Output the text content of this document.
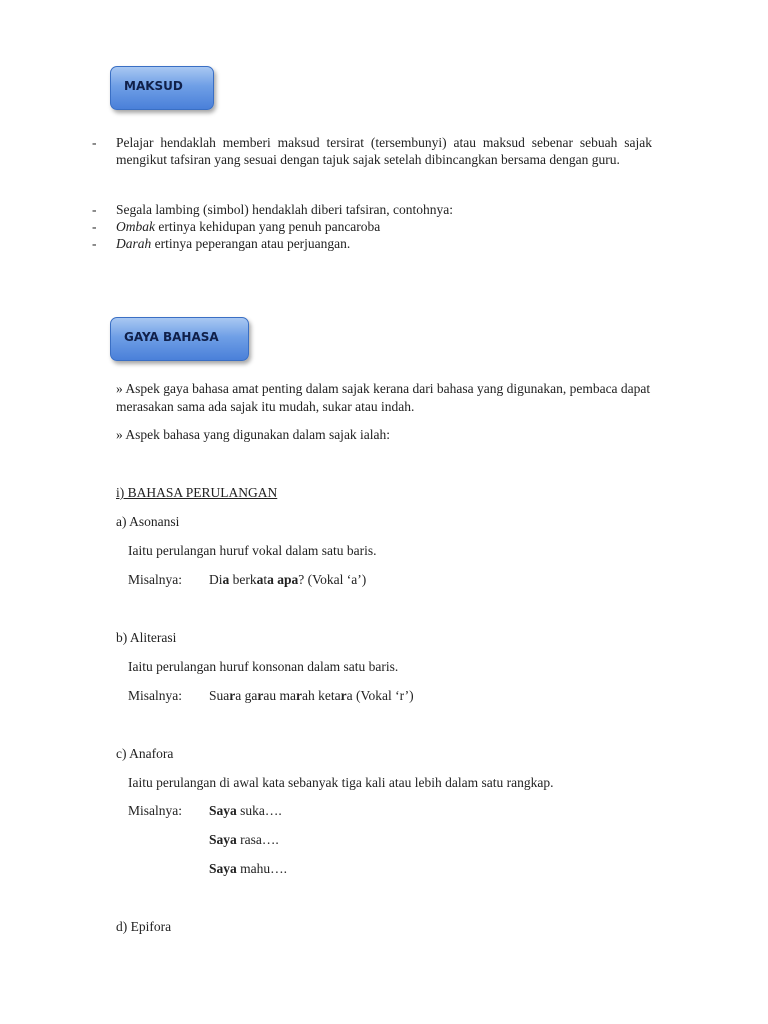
MAKSUD
- Pelajar hendaklah memberi maksud tersirat (tersembunyi) atau maksud sebenar sebuah sajak mengikut tafsiran yang sesuai dengan tajuk sajak setelah dibincangkan bersama dengan guru.
- Segala lambing (simbol) hendaklah diberi tafsiran, contohnya:
- Ombak ertinya kehidupan yang penuh pancaroba
- Darah ertinya peperangan atau perjuangan.
GAYA BAHASA
» Aspek gaya bahasa amat penting dalam sajak kerana dari bahasa yang digunakan, pembaca dapat merasakan sama ada sajak itu mudah, sukar atau indah.
» Aspek bahasa yang digunakan dalam sajak ialah:
i) BAHASA PERULANGAN
a) Asonansi
Iaitu perulangan huruf vokal dalam satu baris.
Misalnya: Dia berkata apa? (Vokal ‘a’)
b) Aliterasi
Iaitu perulangan huruf konsonan dalam satu baris.
Misalnya: Suara garau marah ketara (Vokal ‘r’)
c) Anafora
Iaitu perulangan di awal kata sebanyak tiga kali atau lebih dalam satu rangkap.
Misalnya: Saya suka….
Saya rasa….
Saya mahu….
d) Epifora
